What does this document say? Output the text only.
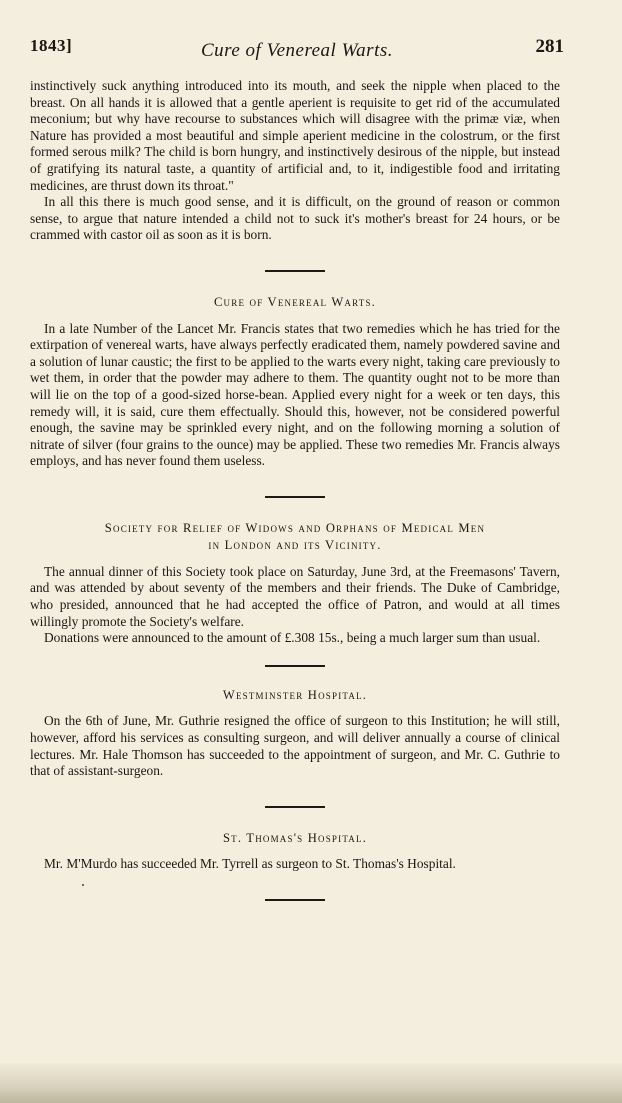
1843]	Cure of Venereal Warts.	281

instinctively suck anything introduced into its mouth, and seek the nipple when placed to the breast. On all hands it is allowed that a gentle aperient is requisite to get rid of the accumulated meconium; but why have recourse to substances which will disagree with the primæ viæ, when Nature has provided a most beautiful and simple aperient medicine in the colostrum, or the first formed serous milk? The child is born hungry, and instinctively desirous of the nipple, but instead of gratifying its natural taste, a quantity of artificial and, to it, indigestible food and irritating medicines, are thrust down its throat."

In all this there is much good sense, and it is difficult, on the ground of reason or common sense, to argue that nature intended a child not to suck it's mother's breast for 24 hours, or be crammed with castor oil as soon as it is born.

Cure of Venereal Warts.

In a late Number of the Lancet Mr. Francis states that two remedies which he has tried for the extirpation of venereal warts, have always perfectly eradicated them, namely powdered savine and a solution of lunar caustic; the first to be applied to the warts every night, taking care previously to wet them, in order that the powder may adhere to them. The quantity ought not to be more than will lie on the top of a good-sized horse-bean. Applied every night for a week or ten days, this remedy will, it is said, cure them effectually. Should this, however, not be considered powerful enough, the savine may be sprinkled every night, and on the following morning a solution of nitrate of silver (four grains to the ounce) may be applied. These two remedies Mr. Francis always employs, and has never found them useless.

Society for Relief of Widows and Orphans of Medical Men
in London and its Vicinity.

The annual dinner of this Society took place on Saturday, June 3rd, at the Freemasons' Tavern, and was attended by about seventy of the members and their friends. The Duke of Cambridge, who presided, announced that he had accepted the office of Patron, and would at all times willingly promote the Society's welfare.

Donations were announced to the amount of £.308 15s., being a much larger sum than usual.

Westminster Hospital.

On the 6th of June, Mr. Guthrie resigned the office of surgeon to this Institution; he will still, however, afford his services as consulting surgeon, and will deliver annually a course of clinical lectures. Mr. Hale Thomson has succeeded to the appointment of surgeon, and Mr. C. Guthrie to that of assistant-surgeon.

St. Thomas's Hospital.

Mr. M'Murdo has succeeded Mr. Tyrrell as surgeon to St. Thomas's Hospital.
